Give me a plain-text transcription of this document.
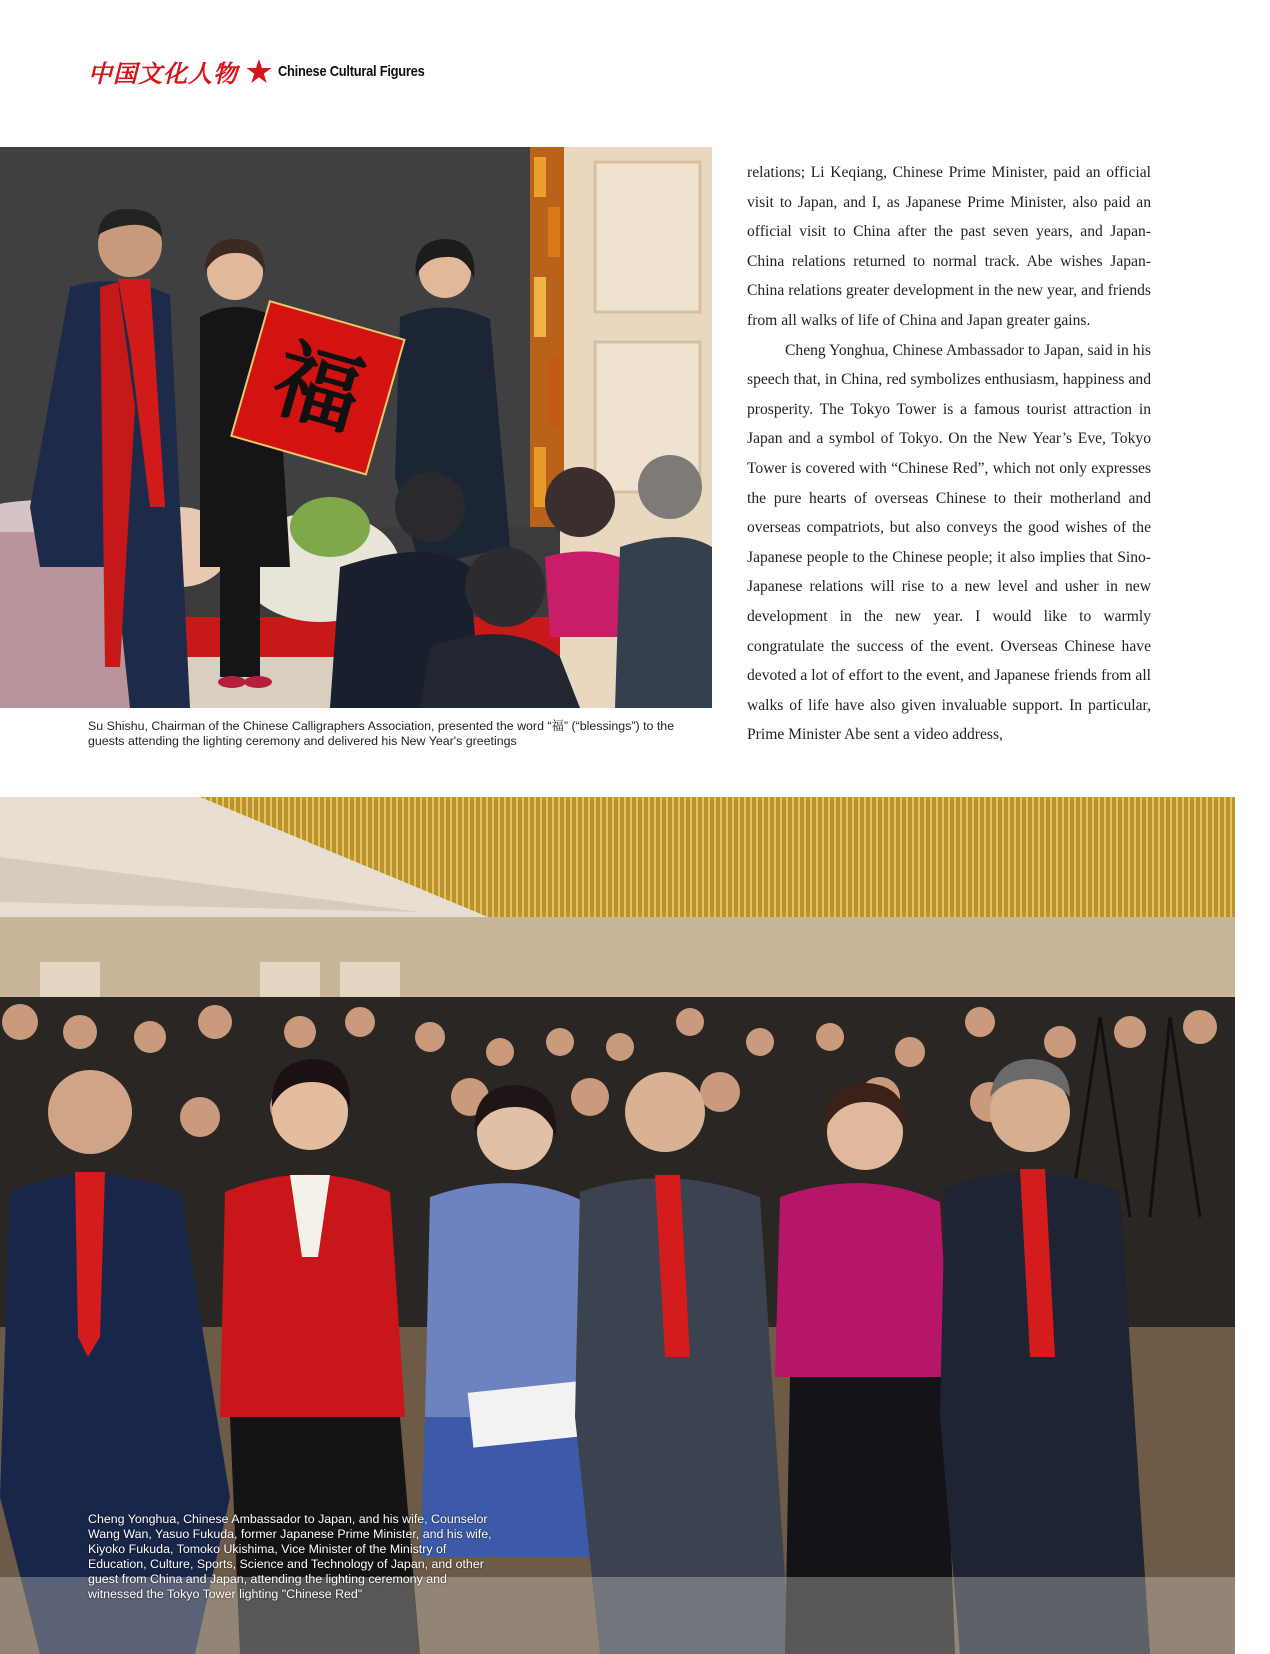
中国文化人物	Chinese Cultural Figures
福
Su Shishu, Chairman of the Chinese Calligraphers Association, presented the word “福” (“blessings”) to the guests attending the lighting ceremony and delivered his New Year's greetings

relations; Li Keqiang, Chinese Prime Minister, paid an official visit to Japan, and I, as Japanese Prime Minister, also paid an official visit to China after the past seven years, and Japan-China relations returned to normal track. Abe wishes Japan-China relations greater development in the new year, and friends from all walks of life of China and Japan greater gains.

Cheng Yonghua, Chinese Ambassador to Japan, said in his speech that, in China, red symbolizes enthusiasm, happiness and prosperity. The Tokyo Tower is a famous tourist attraction in Japan and a symbol of Tokyo. On the New Year’s Eve, Tokyo Tower is covered with “Chinese Red”, which not only expresses the pure hearts of overseas Chinese to their motherland and overseas compatriots, but also conveys the good wishes of the Japanese people to the Chinese people; it also implies that Sino-Japanese relations will rise to a new level and usher in new development in the new year. I would like to warmly congratulate the success of the event. Overseas Chinese have devoted a lot of effort to the event, and Japanese friends from all walks of life have also given invaluable support. In particular, Prime Minister Abe sent a video address,

Cheng Yonghua, Chinese Ambassador to Japan, and his wife, Counselor Wang Wan, Yasuo Fukuda, former Japanese Prime Minister, and his wife, Kiyoko Fukuda, Tomoko Ukishima, Vice Minister of the Ministry of Education, Culture, Sports, Science and Technology of Japan, and other guest from China and Japan, attending the lighting ceremony and witnessed the Tokyo Tower lighting "Chinese Red"
